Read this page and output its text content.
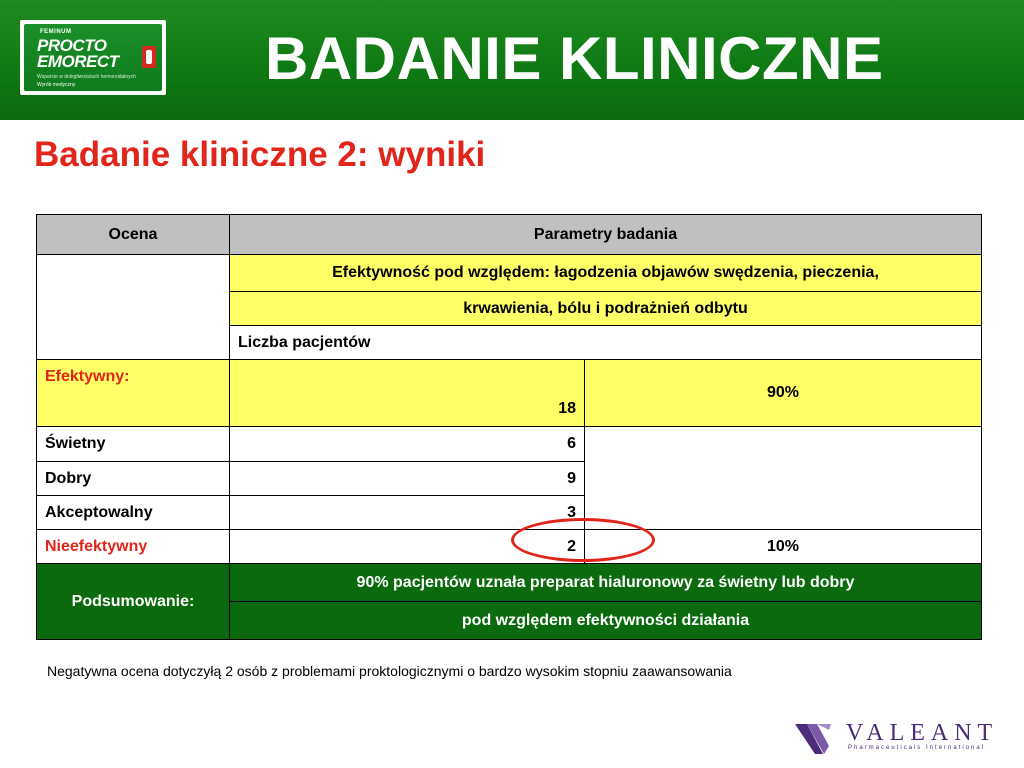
FEMINUM
PROCTO
EMORECT
Wsparcie w dolegliwościach hemoroidalnych
Wyrób medyczny	BADANIE KLINICZNE
Badanie kliniczne 2: wyniki
Ocena	Parametry badania	
	Efektywność pod względem: łagodzenia objawów swędzenia, pieczenia,	
	krwawienia, bólu i podrażnień odbytu	
	Liczba pacjentów	
Efektywny:	18	90%
Świetny	6	
Dobry	9	
Akceptowalny	3	
Nieefektywny	2	10%
Podsumowanie:	90% pacjentów uznała preparat hialuronowy za świetny lub dobry	
	pod względem efektywności działania	
Negatywna ocena dotyczyłą 2 osób z problemami proktologicznymi o bardzo wysokim stopniu zaawansowania
VALEANT
Pharmaceuticals International
